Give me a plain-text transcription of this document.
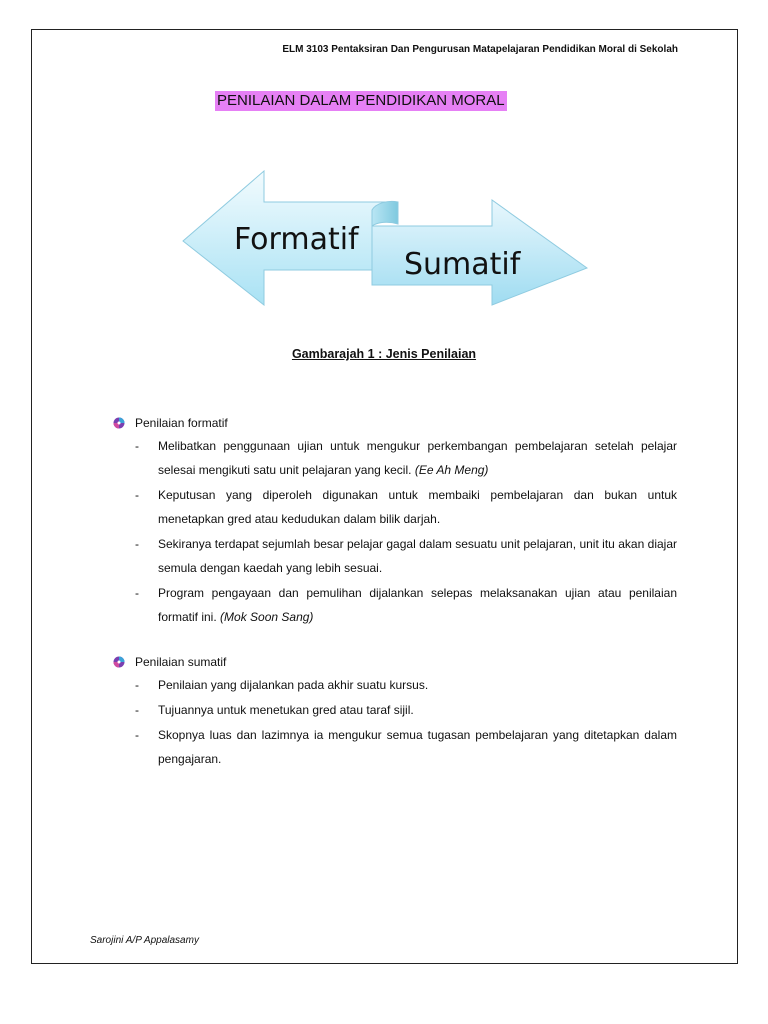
ELM 3103 Pentaksiran Dan Pengurusan Matapelajaran Pendidikan Moral di Sekolah
PENILAIAN DALAM PENDIDIKAN MORAL
Formatif
Sumatif
Gambarajah 1 : Jenis Penilaian
Penilaian formatif
- Melibatkan penggunaan ujian untuk mengukur perkembangan pembelajaran setelah pelajar selesai mengikuti satu unit pelajaran yang kecil. (Ee Ah Meng)
- Keputusan yang diperoleh digunakan untuk membaiki pembelajaran dan bukan untuk menetapkan gred atau kedudukan dalam bilik darjah.
- Sekiranya terdapat sejumlah besar pelajar gagal dalam sesuatu unit pelajaran, unit itu akan diajar semula dengan kaedah yang lebih sesuai.
- Program pengayaan dan pemulihan dijalankan selepas melaksanakan ujian atau penilaian formatif ini. (Mok Soon Sang)
Penilaian sumatif
- Penilaian yang dijalankan pada akhir suatu kursus.
- Tujuannya untuk menetukan gred atau taraf sijil.
- Skopnya luas dan lazimnya ia mengukur semua tugasan pembelajaran yang ditetapkan dalam pengajaran.
Sarojini A/P Appalasamy
